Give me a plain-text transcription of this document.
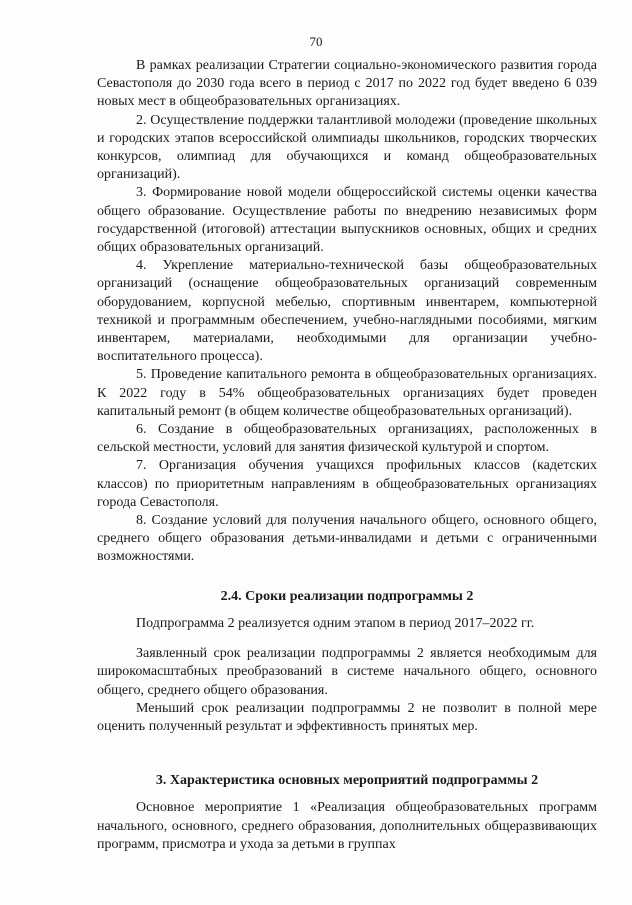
70

В рамках реализации Стратегии социально-экономического развития города Севастополя до 2030 года всего в период с 2017 по 2022 год будет введено 6 039 новых мест в общеобразовательных организациях.

2. Осуществление поддержки талантливой молодежи (проведение школьных и городских этапов всероссийской олимпиады школьников, городских творческих конкурсов, олимпиад для обучающихся и команд общеобразовательных организаций).

3. Формирование новой модели общероссийской системы оценки качества общего образование. Осуществление работы по внедрению независимых форм государственной (итоговой) аттестации выпускников основных, общих и средних общих образовательных организаций.

4. Укрепление материально-технической базы общеобразовательных организаций (оснащение общеобразовательных организаций современным оборудованием, корпусной мебелью, спортивным инвентарем, компьютерной техникой и программным обеспечением, учебно-наглядными пособиями, мягким инвентарем, материалами, необходимыми для организации учебно-воспитательного процесса).

5. Проведение капитального ремонта в общеобразовательных организациях. К 2022 году в 54% общеобразовательных организациях будет проведен капитальный ремонт (в общем количестве общеобразовательных организаций).

6. Создание в общеобразовательных организациях, расположенных в сельской местности, условий для занятия физической культурой и спортом.

7. Организация обучения учащихся профильных классов (кадетских классов) по приоритетным направлениям в общеобразовательных организациях города Севастополя.

8. Создание условий для получения начального общего, основного общего, среднего общего образования детьми-инвалидами и детьми с ограниченными возможностями.

2.4. Сроки реализации подпрограммы 2

Подпрограмма 2 реализуется одним этапом в период 2017–2022 гг.

Заявленный срок реализации подпрограммы 2 является необходимым для широкомасштабных преобразований в системе начального общего, основного общего, среднего общего образования.

Меньший срок реализации подпрограммы 2 не позволит в полной мере оценить полученный результат и эффективность принятых мер.

3. Характеристика основных мероприятий подпрограммы 2

Основное мероприятие 1 «Реализация общеобразовательных программ начального, основного, среднего образования, дополнительных общеразвивающих программ, присмотра и ухода за детьми в группах
